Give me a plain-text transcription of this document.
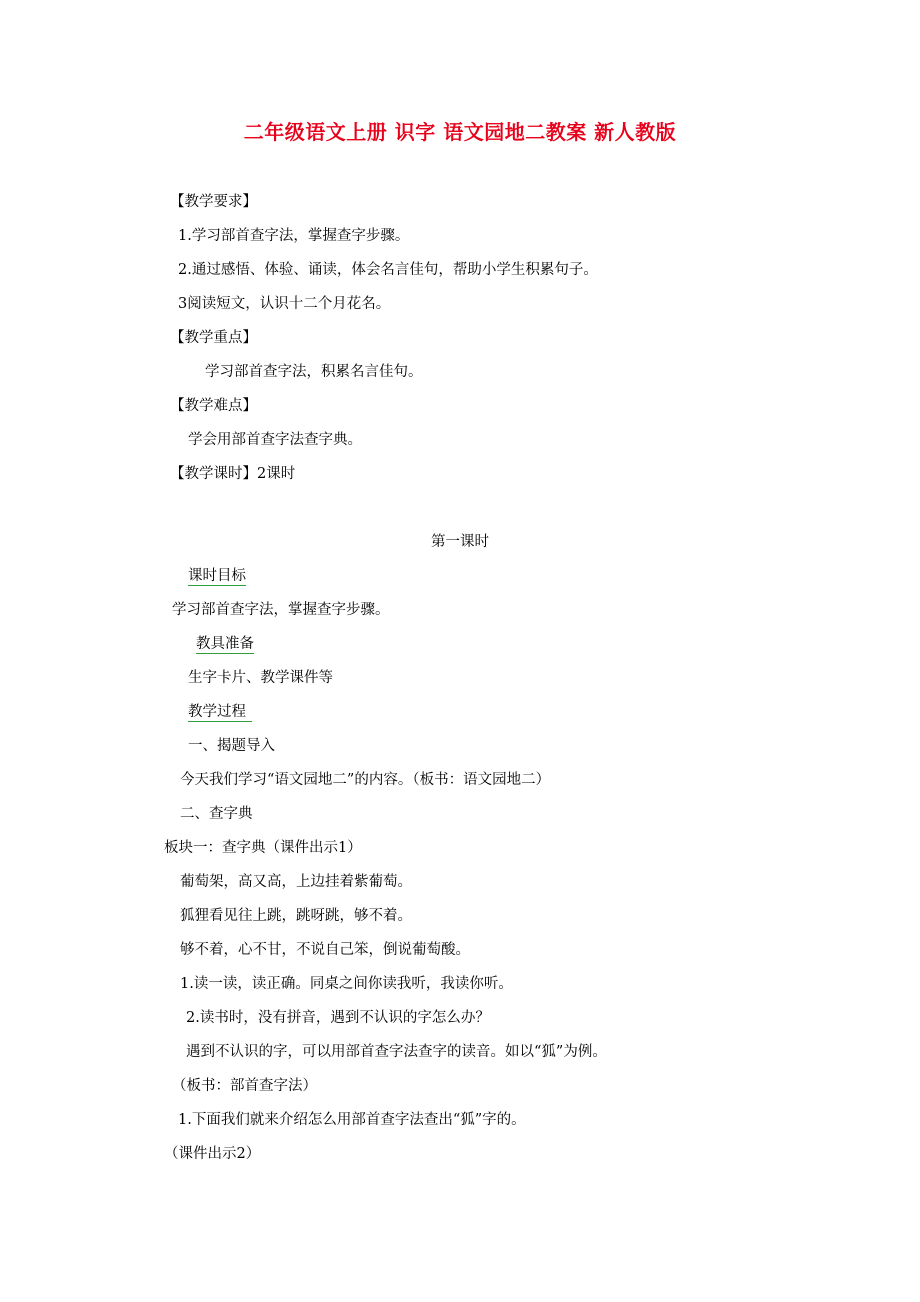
二年级语文上册 识字 语文园地二教案 新人教版
【教学要求】
1.学习部首查字法，掌握查字步骤。
2.通过感悟、体验、诵读，体会名言佳句，帮助小学生积累句子。
3阅读短文，认识十二个月花名。
【教学重点】
学习部首查字法，积累名言佳句。
【教学难点】
学会用部首查字法查字典。
【教学课时】2课时
第一课时
课时目标
学习部首查字法，掌握查字步骤。
教具准备
生字卡片、教学课件等
教学过程
一、揭题导入
今天我们学习“语文园地二”的内容。（板书：语文园地二）
二、查字典
板块一：查字典（课件出示1）
葡萄架，高又高，上边挂着紫葡萄。
狐狸看见往上跳，跳呀跳，够不着。
够不着，心不甘，不说自己笨，倒说葡萄酸。
1.读一读，读正确。同桌之间你读我听，我读你听。
2.读书时，没有拼音，遇到不认识的字怎么办？
遇到不认识的字，可以用部首查字法查字的读音。如以“狐”为例。
（板书：部首查字法）
1.下面我们就来介绍怎么用部首查字法查出“狐”字的。
（课件出示2）
